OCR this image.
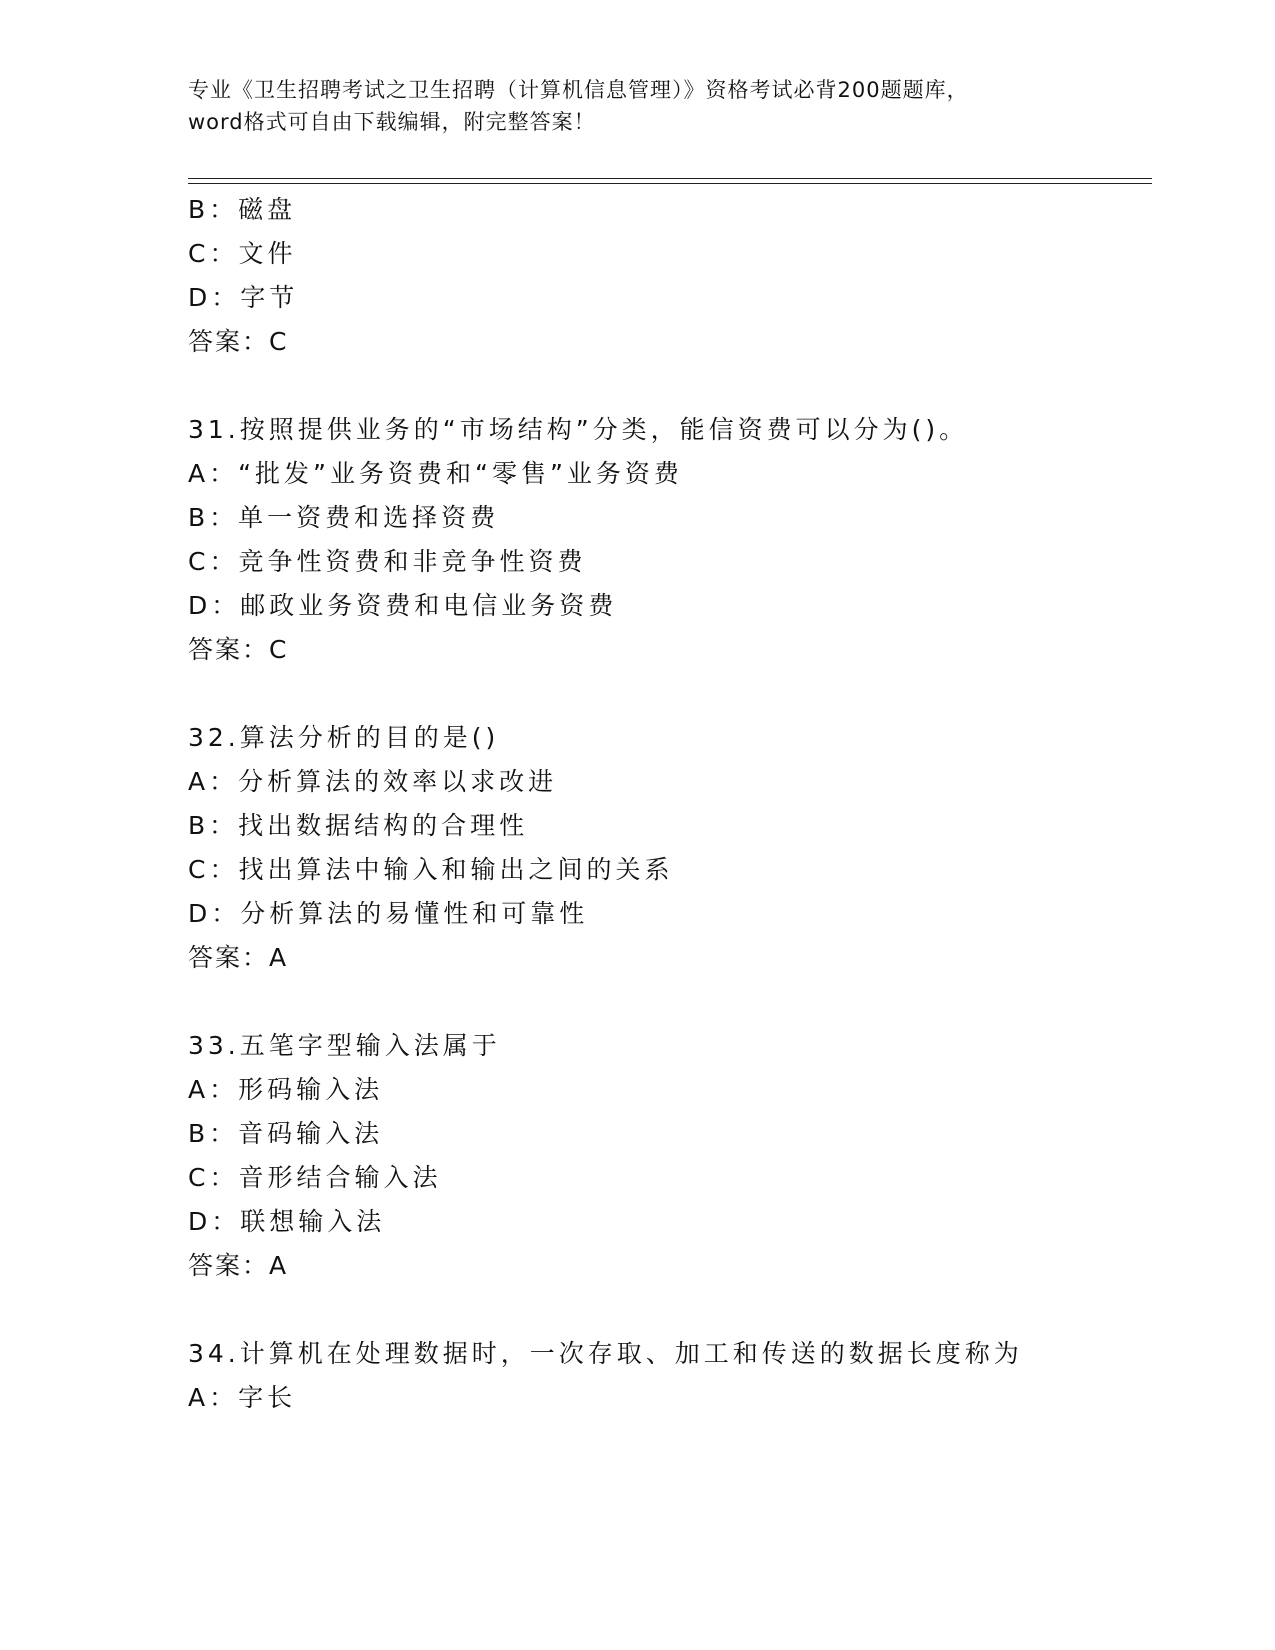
专业《卫生招聘考试之卫生招聘（计算机信息管理）》资格考试必背200题题库，
word格式可自由下载编辑，附完整答案！
B：磁盘
C：文件
D：字节
答案：C
31.按照提供业务的“市场结构”分类，能信资费可以分为()。
A：“批发”业务资费和“零售”业务资费
B：单一资费和选择资费
C：竞争性资费和非竞争性资费
D：邮政业务资费和电信业务资费
答案：C
32.算法分析的目的是()
A：分析算法的效率以求改进
B：找出数据结构的合理性
C：找出算法中输入和输出之间的关系
D：分析算法的易懂性和可靠性
答案：A
33.五笔字型输入法属于
A：形码输入法
B：音码输入法
C：音形结合输入法
D：联想输入法
答案：A
34.计算机在处理数据时，一次存取、加工和传送的数据长度称为
A：字长
